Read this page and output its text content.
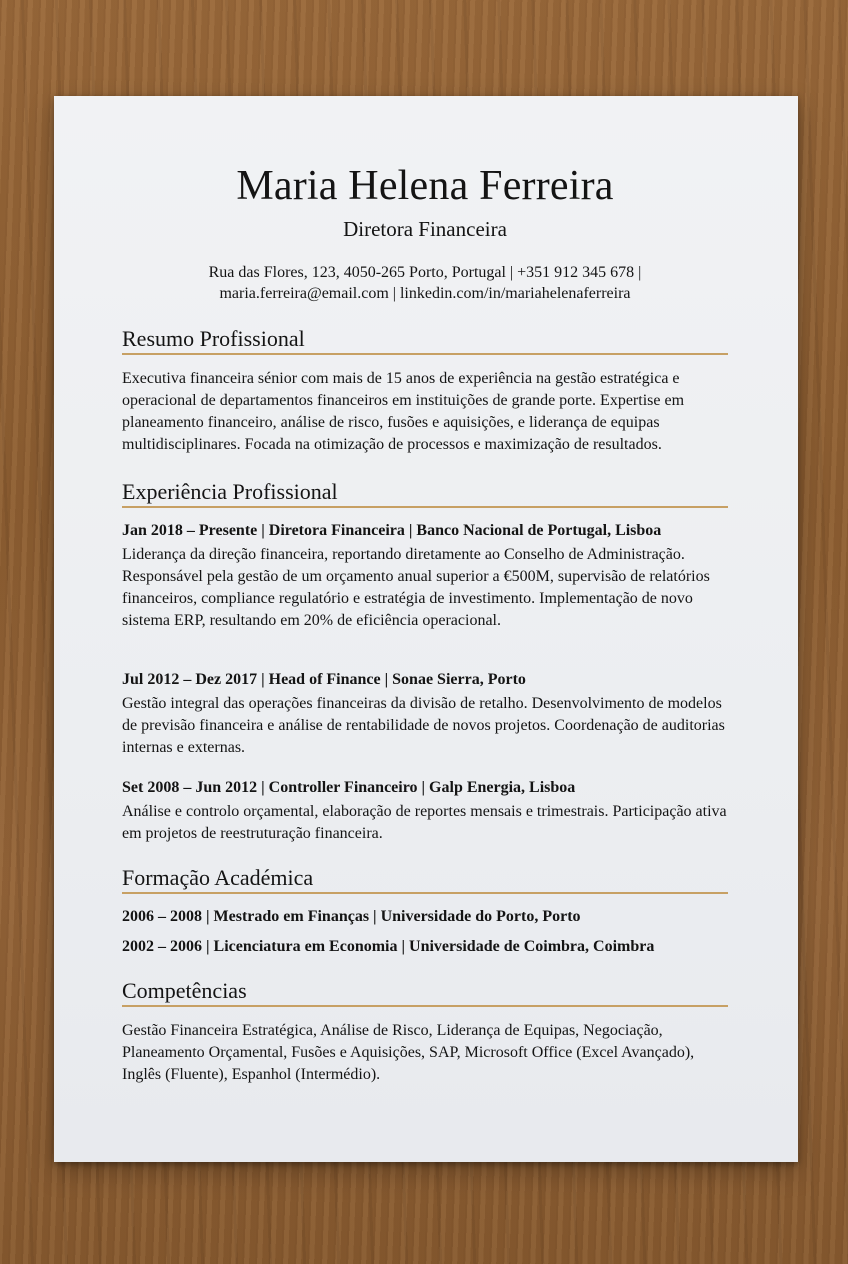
Maria Helena Ferreira
Diretora Financeira
Rua das Flores, 123, 4050-265 Porto, Portugal | +351 912 345 678 |
maria.ferreira@email.com | linkedin.com/in/mariahelenaferreira
Resumo Profissional
Executiva financeira sénior com mais de 15 anos de experiência na gestão estratégica e operacional de departamentos financeiros em instituições de grande porte. Expertise em planeamento financeiro, análise de risco, fusões e aquisições, e liderança de equipas multidisciplinares. Focada na otimização de processos e maximização de resultados.
Experiência Profissional
Jan 2018 – Presente | Diretora Financeira | Banco Nacional de Portugal, Lisboa
Liderança da direção financeira, reportando diretamente ao Conselho de Administração. Responsável pela gestão de um orçamento anual superior a €500M, supervisão de relatórios financeiros, compliance regulatório e estratégia de investimento. Implementação de novo sistema ERP, resultando em 20% de eficiência operacional.
Jul 2012 – Dez 2017 | Head of Finance | Sonae Sierra, Porto
Gestão integral das operações financeiras da divisão de retalho. Desenvolvimento de modelos de previsão financeira e análise de rentabilidade de novos projetos. Coordenação de auditorias internas e externas.
Set 2008 – Jun 2012 | Controller Financeiro | Galp Energia, Lisboa
Análise e controlo orçamental, elaboração de reportes mensais e trimestrais. Participação ativa em projetos de reestruturação financeira.
Formação Académica
2006 – 2008 | Mestrado em Finanças | Universidade do Porto, Porto
2002 – 2006 | Licenciatura em Economia | Universidade de Coimbra, Coimbra
Competências
Gestão Financeira Estratégica, Análise de Risco, Liderança de Equipas, Negociação, Planeamento Orçamental, Fusões e Aquisições, SAP, Microsoft Office (Excel Avançado), Inglês (Fluente), Espanhol (Intermédio).
